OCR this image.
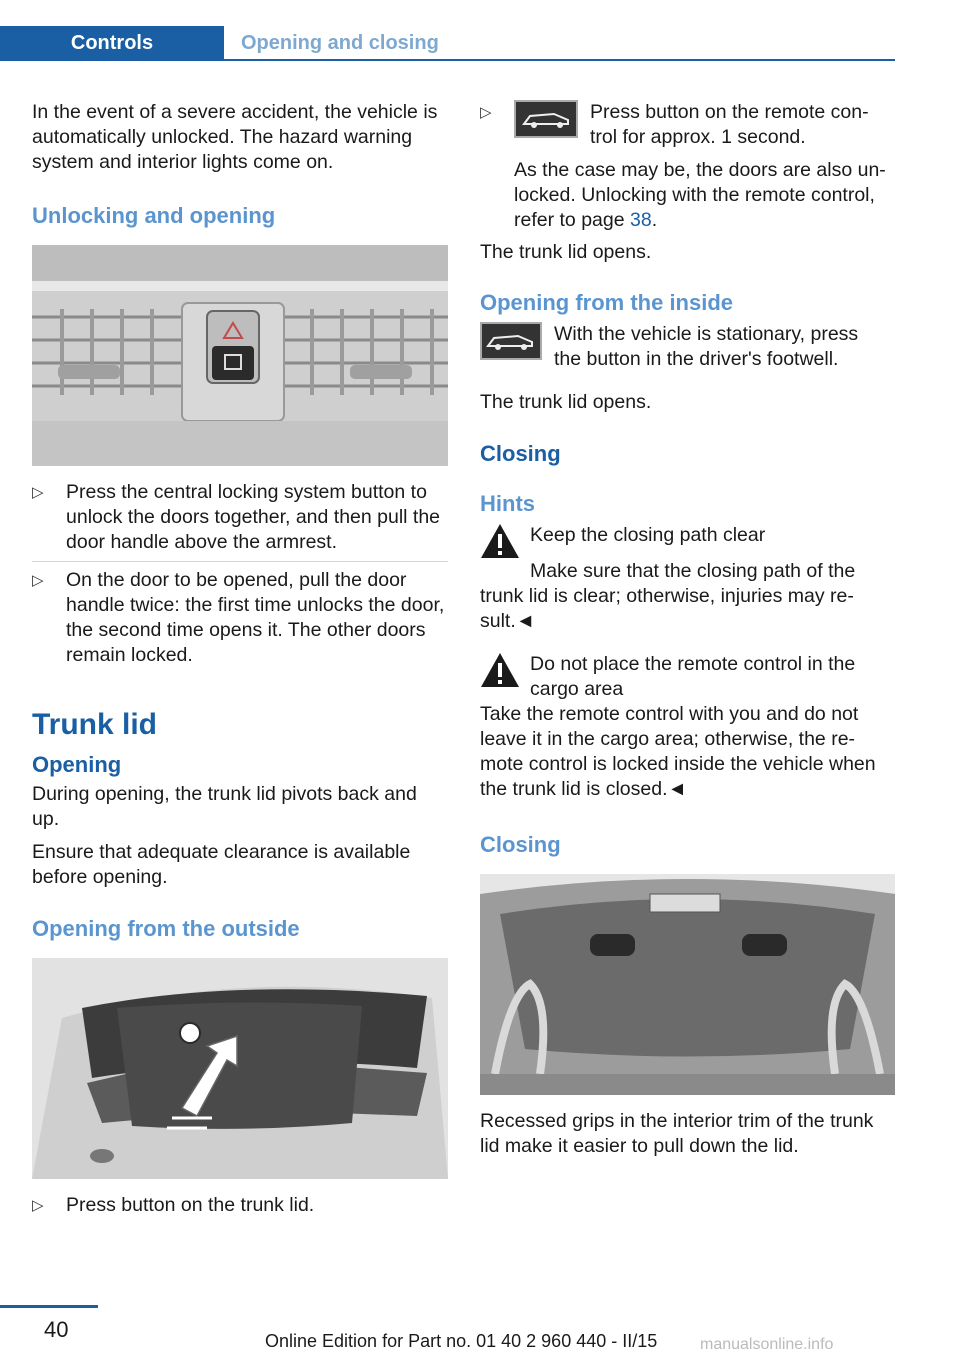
Controls	Opening and closing

In the event of a severe accident, the vehicle is automatically unlocked. The hazard warning system and interior lights come on.

Unlocking and opening
▷ Press the central locking system button to unlock the doors together, and then pull the door handle above the armrest.

▷ On the door to be opened, pull the door handle twice: the first time unlocks the door, the second time opens it. The other doors remain locked.

Trunk lid
Opening

During opening, the trunk lid pivots back and up.

Ensure that adequate clearance is available before opening.

Opening from the outside
▷ Press button on the trunk lid.

▷	Press button on the remote con-trol for approx. 1 second.

As the case may be, the doors are also un-locked. Unlocking with the remote control, refer to page 38.

The trunk lid opens.

Opening from the inside

With the vehicle is stationary, press the button in the driver's footwell.

The trunk lid opens.

Closing
Hints

Keep the closing path clear

Make sure that the closing path of the trunk lid is clear; otherwise, injuries may re-sult.◄

Do not place the remote control in the cargo area

Take the remote control with you and do not leave it in the cargo area; otherwise, the re-mote control is locked inside the vehicle when the trunk lid is closed.◄

Closing

Recessed grips in the interior trim of the trunk lid make it easier to pull down the lid.

40	Online Edition for Part no. 01 40 2 960 440 - II/15	manualsonline.info
